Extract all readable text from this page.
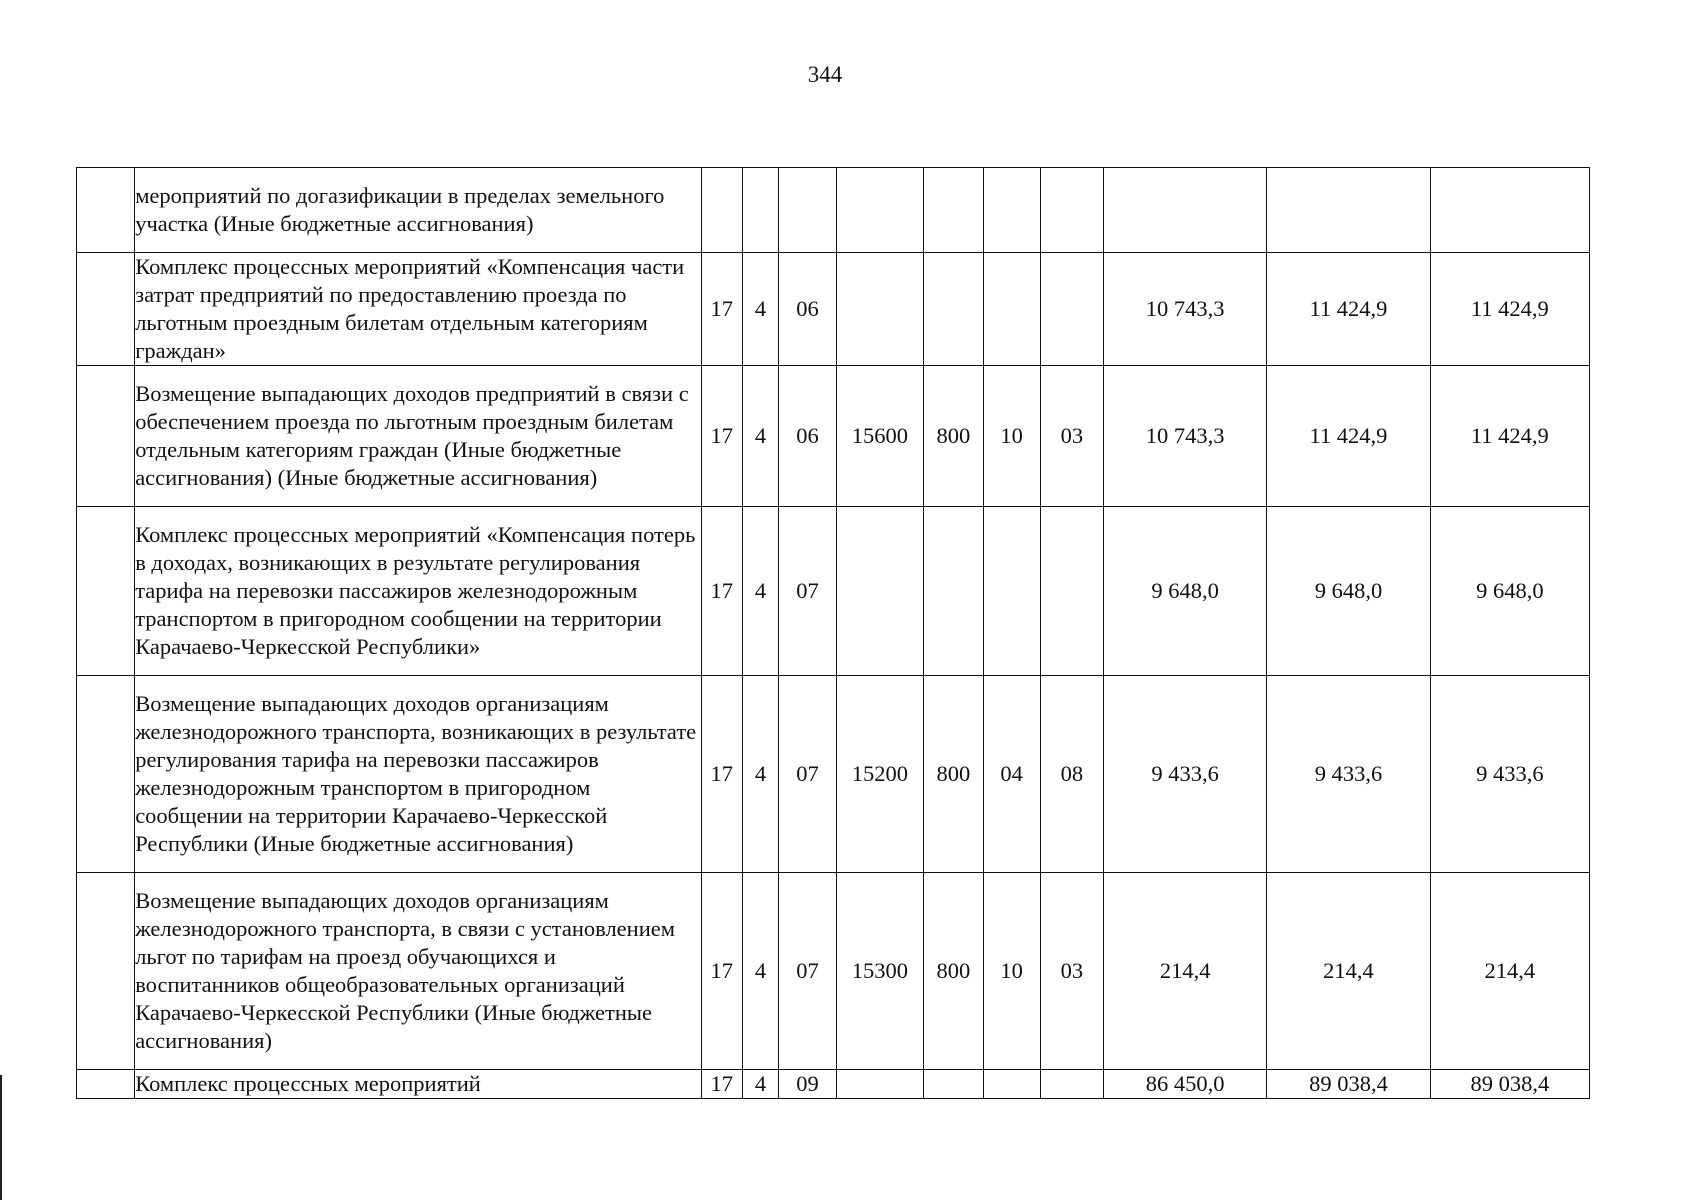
344
	мероприятий по догазификации в пределах земельного участка (Иные бюджетные ассигнования)										
	Комплекс процессных мероприятий «Компенсация части затрат предприятий по предоставлению проезда по льготным проездным билетам отдельным категориям граждан»	17	4	06					10 743,3	11 424,9	11 424,9
	Возмещение выпадающих доходов предприятий в связи с обеспечением проезда по льготным проездным билетам отдельным категориям граждан (Иные бюджетные ассигнования) (Иные бюджетные ассигнования)	17	4	06	15600	800	10	03	10 743,3	11 424,9	11 424,9
	Комплекс процессных мероприятий «Компенсация потерь в доходах, возникающих в результате регулирования тарифа на перевозки пассажиров железнодорожным транспортом в пригородном сообщении на территории Карачаево-Черкесской Республики»	17	4	07					9 648,0	9 648,0	9 648,0
	Возмещение выпадающих доходов организациям железнодорожного транспорта, возникающих в результате регулирования тарифа на перевозки пассажиров железнодорожным транспортом в пригородном сообщении на территории Карачаево-Черкесской Республики (Иные бюджетные ассигнования)	17	4	07	15200	800	04	08	9 433,6	9 433,6	9 433,6
	Возмещение выпадающих доходов организациям железнодорожного транспорта, в связи с установлением льгот по тарифам на проезд обучающихся и воспитанников общеобразовательных организаций Карачаево-Черкесской Республики (Иные бюджетные ассигнования)	17	4	07	15300	800	10	03	214,4	214,4	214,4
	Комплекс процессных мероприятий	17	4	09					86 450,0	89 038,4	89 038,4
